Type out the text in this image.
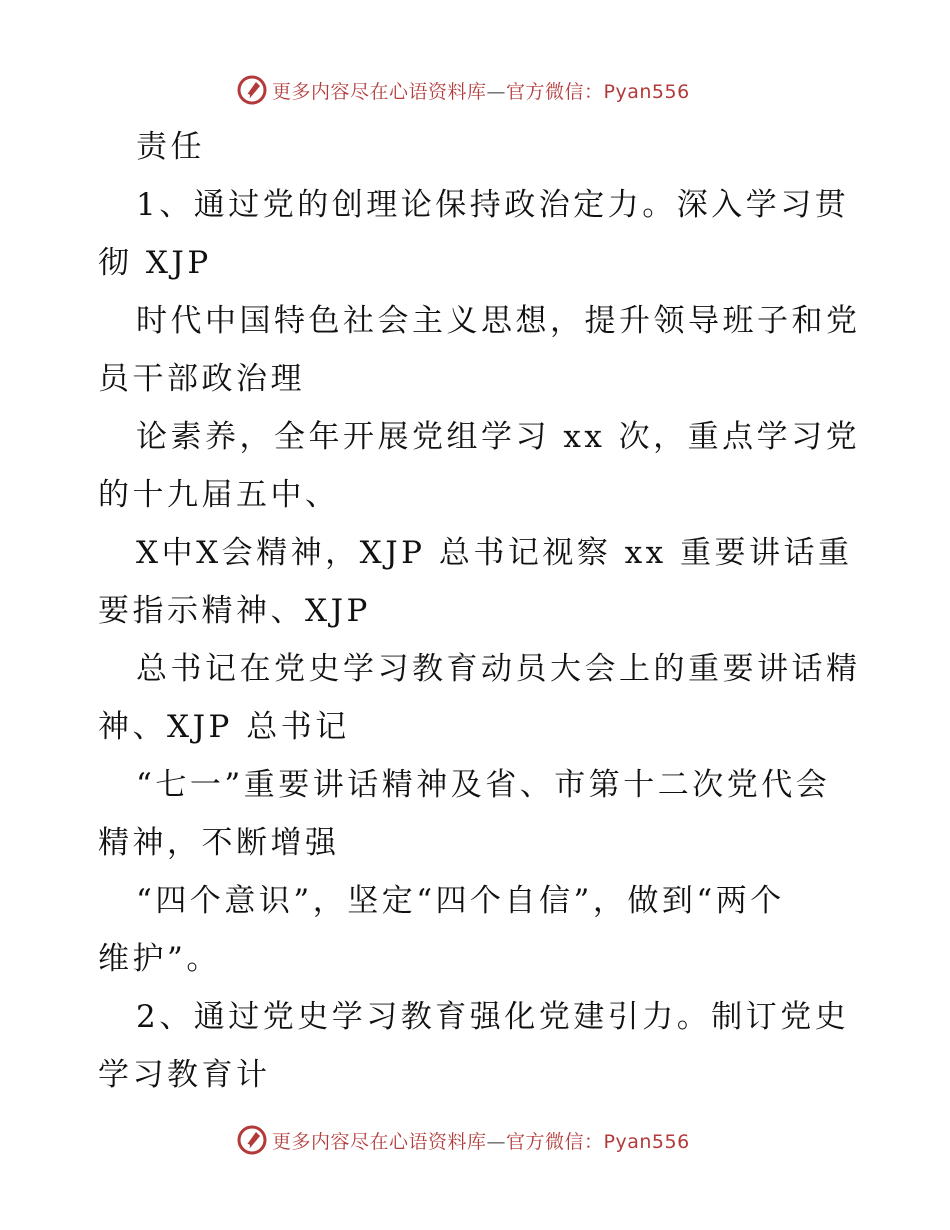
更多内容尽在心语资料库—官方微信：Pyan556
责任
1、通过党的创理论保持政治定力。深入学习贯
彻 XJP
时代中国特色社会主义思想，提升领导班子和党
员干部政治理
论素养，全年开展党组学习 xx 次，重点学习党
的十九届五中、
X中X会精神，XJP 总书记视察 xx 重要讲话重
要指示精神、XJP
总书记在党史学习教育动员大会上的重要讲话精
神、XJP 总书记
“七一”重要讲话精神及省、市第十二次党代会
精神，不断增强
“四个意识”，坚定“四个自信”，做到“两个
维护”。
2、通过党史学习教育强化党建引力。制订党史
学习教育计
更多内容尽在心语资料库—官方微信：Pyan556
